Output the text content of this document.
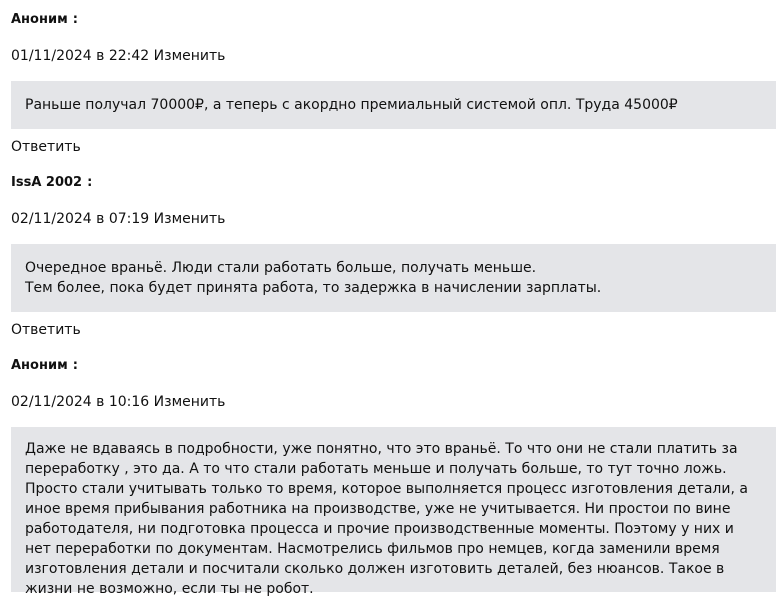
Аноним :
01/11/2024 в 22:42 Изменить

Раньше получал 70000₽, а теперь с акордно премиальный системой опл. Труда 45000₽

Ответить
IssA 2002 :
02/11/2024 в 07:19 Изменить

Очередное враньё. Люди стали работать больше, получать меньше.

Тем более, пока будет принята работа, то задержка в начислении зарплаты.

Ответить
Аноним :
02/11/2024 в 10:16 Изменить

Даже не вдаваясь в подробности, уже понятно, что это враньё. То что они не стали платить за переработку , это да. А то что стали работать меньше и получать больше, то тут точно ложь. Просто стали учитывать только то время, которое выполняется процесс изготовления детали, а иное время прибывания работника на производстве, уже не учитывается. Ни простои по вине работодателя, ни подготовка процесса и прочие производственные моменты. Поэтому у них и нет переработки по документам. Насмотрелись фильмов про немцев, когда заменили время изготовления детали и посчитали сколько должен изготовить деталей, без нюансов. Такое в жизни не возможно, если ты не робот.
